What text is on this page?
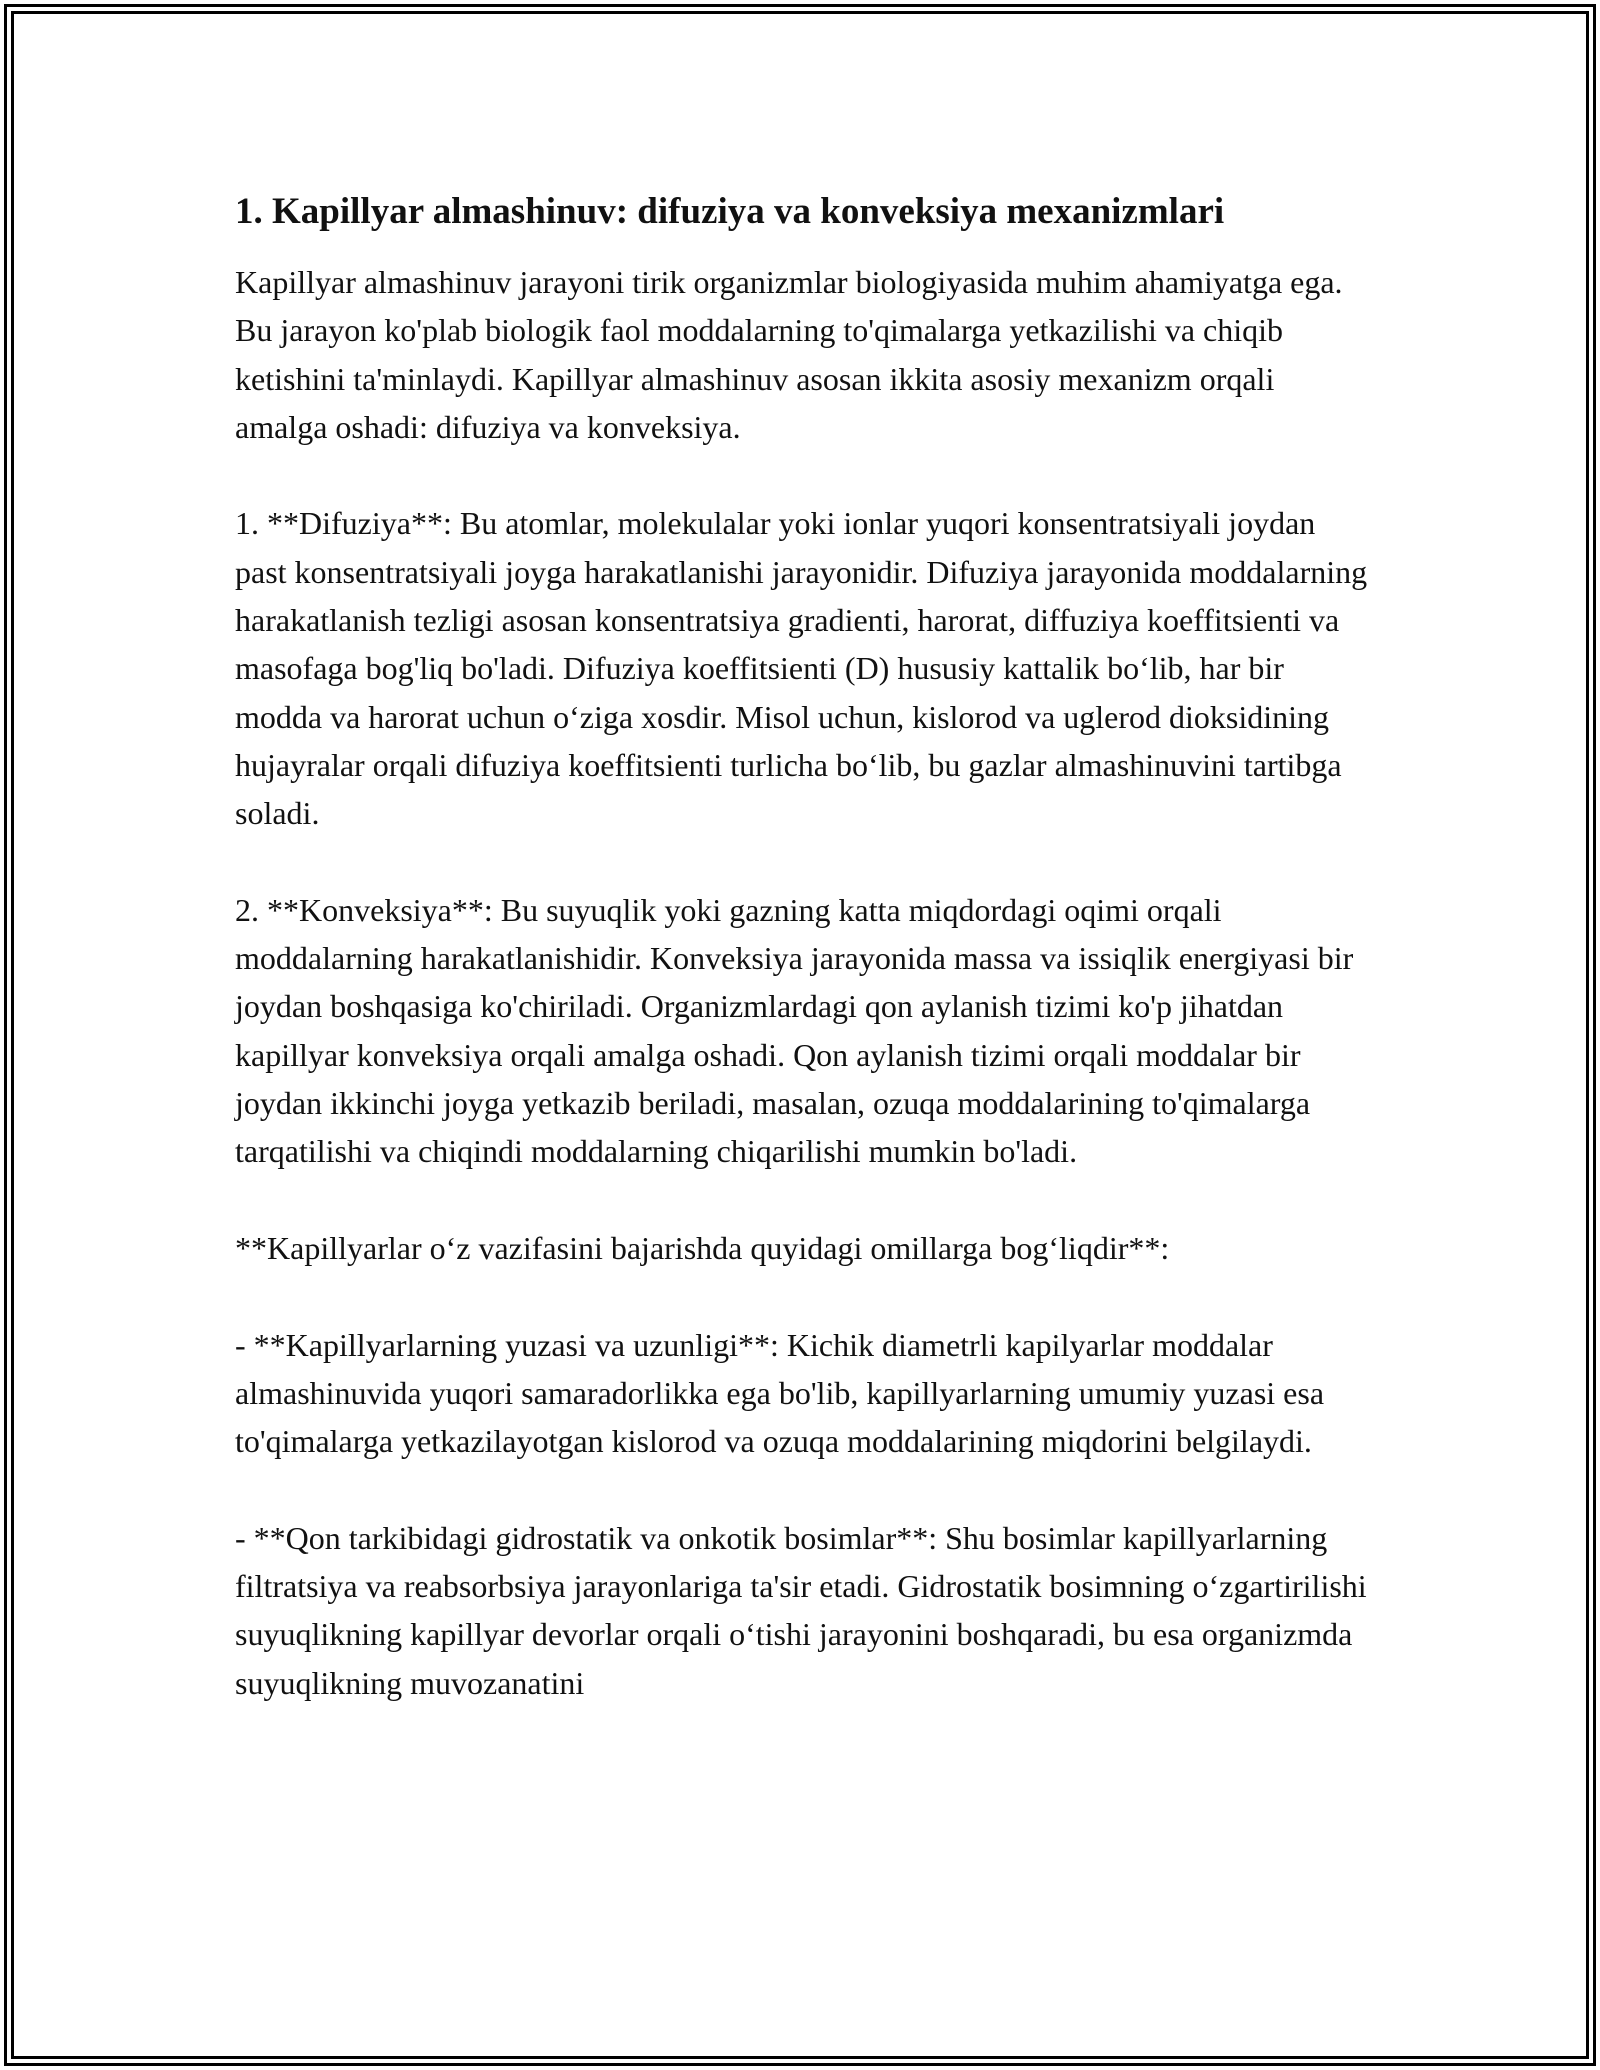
1. Kapillyar almashinuv: difuziya va konveksiya mexanizmlari

Kapillyar almashinuv jarayoni tirik organizmlar biologiyasida muhim ahamiyatga ega. Bu jarayon ko'plab biologik faol moddalarning to'qimalarga yetkazilishi va chiqib ketishini ta'minlaydi. Kapillyar almashinuv asosan ikkita asosiy mexanizm orqali amalga oshadi: difuziya va konveksiya.

1. **Difuziya**: Bu atomlar, molekulalar yoki ionlar yuqori konsentratsiyali joydan past konsentratsiyali joyga harakatlanishi jarayonidir. Difuziya jarayonida moddalarning harakatlanish tezligi asosan konsentratsiya gradienti, harorat, diffuziya koeffitsienti va masofaga bog'liq bo'ladi. Difuziya koeffitsienti (D) hususiy kattalik bo‘lib, har bir modda va harorat uchun o‘ziga xosdir. Misol uchun, kislorod va uglerod dioksidining hujayralar orqali difuziya koeffitsienti turlicha bo‘lib, bu gazlar almashinuvini tartibga soladi.

2. **Konveksiya**: Bu suyuqlik yoki gazning katta miqdordagi oqimi orqali moddalarning harakatlanishidir. Konveksiya jarayonida massa va issiqlik energiyasi bir joydan boshqasiga ko'chiriladi. Organizmlardagi qon aylanish tizimi ko'p jihatdan kapillyar konveksiya orqali amalga oshadi. Qon aylanish tizimi orqali moddalar bir joydan ikkinchi joyga yetkazib beriladi, masalan, ozuqa moddalarining to'qimalarga tarqatilishi va chiqindi moddalarning chiqarilishi mumkin bo'ladi.

**Kapillyarlar o‘z vazifasini bajarishda quyidagi omillarga bog‘liqdir**:

- **Kapillyarlarning yuzasi va uzunligi**: Kichik diametrli kapilyarlar moddalar almashinuvida yuqori samaradorlikka ega bo'lib, kapillyarlarning umumiy yuzasi esa to'qimalarga yetkazilayotgan kislorod va ozuqa moddalarining miqdorini belgilaydi.

- **Qon tarkibidagi gidrostatik va onkotik bosimlar**: Shu bosimlar kapillyarlarning filtratsiya va reabsorbsiya jarayonlariga ta'sir etadi. Gidrostatik bosimning o‘zgartirilishi suyuqlikning kapillyar devorlar orqali o‘tishi jarayonini boshqaradi, bu esa organizmda suyuqlikning muvozanatini
